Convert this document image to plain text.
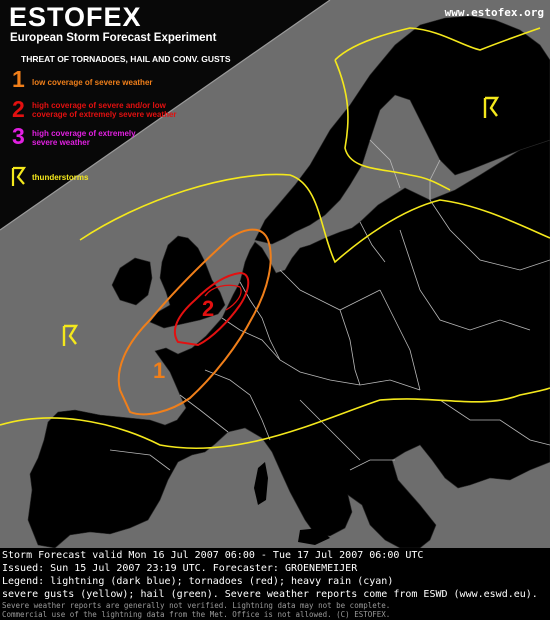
1
2
ESTOFEX
European Storm Forecast Experiment
www.estofex.org
THREAT OF TORNADOES, HAIL AND CONV. GUSTS
1 low coverage of severe weather
2 high coverage of severe and/or low coverage of extremely severe weather
3 high coverage of extremely severe weather
thunderstorms
Storm Forecast valid Mon 16 Jul 2007 06:00 - Tue 17 Jul 2007 06:00 UTC
Issued: Sun 15 Jul 2007 23:19 UTC. Forecaster: GROENEMEIJER
Legend: lightning (dark blue); tornadoes (red); heavy rain (cyan)
severe gusts (yellow); hail (green). Severe weather reports come from ESWD (www.eswd.eu).
Severe weather reports are generally not verified. Lightning data may not be complete.
Commercial use of the lightning data from the Met. Office is not allowed. (C) ESTOFEX.
